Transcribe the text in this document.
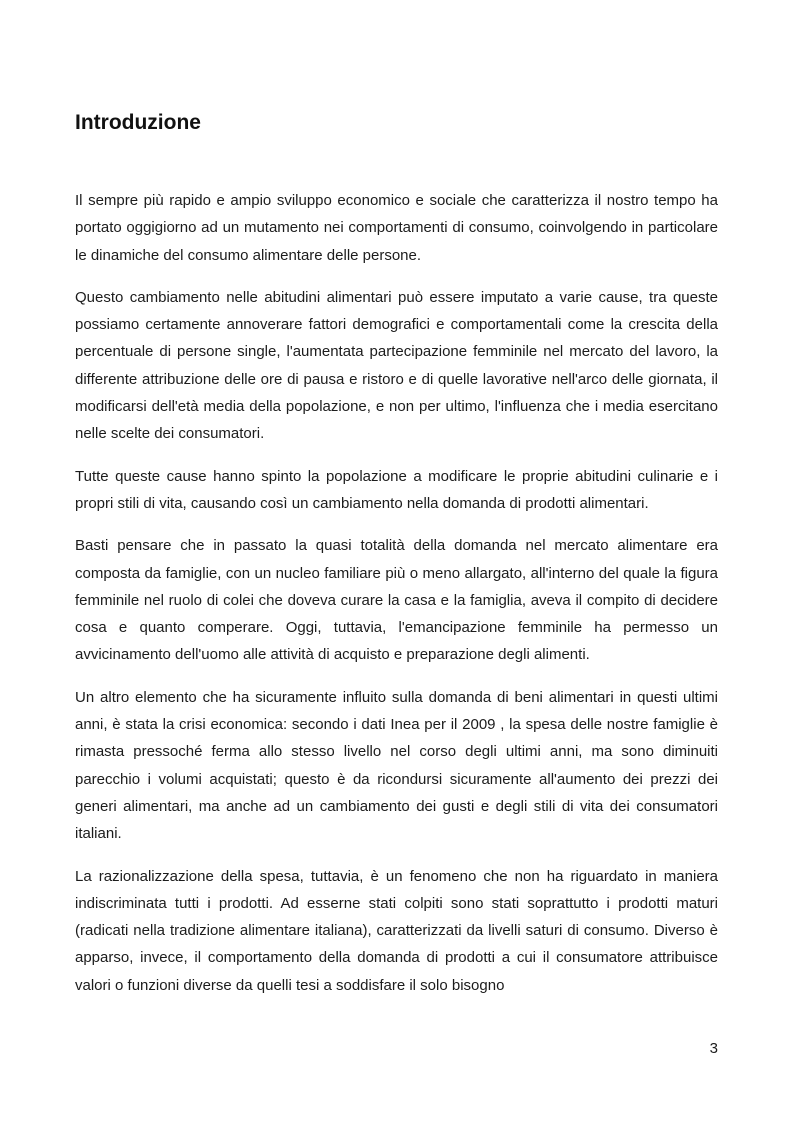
Introduzione

Il sempre più rapido e ampio sviluppo economico e sociale che caratterizza il nostro tempo ha portato oggigiorno ad un mutamento nei comportamenti di consumo, coinvolgendo in particolare le dinamiche del consumo alimentare delle persone.

Questo cambiamento nelle abitudini alimentari può essere imputato a varie cause, tra queste possiamo certamente annoverare fattori demografici e comportamentali come la crescita della percentuale di persone single, l'aumentata partecipazione femminile nel mercato del lavoro, la differente attribuzione delle ore di pausa e ristoro e di quelle lavorative nell'arco delle giornata, il modificarsi dell'età media della popolazione, e non per ultimo, l'influenza che i media esercitano nelle scelte dei consumatori.

Tutte queste cause hanno spinto la popolazione a modificare le proprie abitudini culinarie e i propri stili di vita, causando così un cambiamento nella domanda di prodotti alimentari.

Basti pensare che in passato la quasi totalità della domanda nel mercato alimentare era composta da famiglie, con un nucleo familiare più o meno allargato, all'interno del quale la figura femminile nel ruolo di colei che doveva curare la casa e la famiglia, aveva il compito di decidere cosa e quanto comperare. Oggi, tuttavia, l'emancipazione femminile ha permesso un avvicinamento dell'uomo alle attività di acquisto e preparazione degli alimenti.

Un altro elemento che ha sicuramente influito sulla domanda di beni alimentari in questi ultimi anni, è stata la crisi economica: secondo i dati Inea per il 2009 , la spesa delle nostre famiglie è rimasta pressoché ferma allo stesso livello nel corso degli ultimi anni, ma sono diminuiti parecchio i volumi acquistati; questo è da ricondursi sicuramente all'aumento dei prezzi dei generi alimentari, ma anche ad un cambiamento dei gusti e degli stili di vita dei consumatori italiani.

La razionalizzazione della spesa, tuttavia, è un fenomeno che non ha riguardato in maniera indiscriminata tutti i prodotti. Ad esserne stati colpiti sono stati soprattutto i prodotti maturi (radicati nella tradizione alimentare italiana), caratterizzati da livelli saturi di consumo. Diverso è apparso, invece, il comportamento della domanda di prodotti a cui il consumatore attribuisce valori o funzioni diverse da quelli tesi a soddisfare il solo bisogno

3
